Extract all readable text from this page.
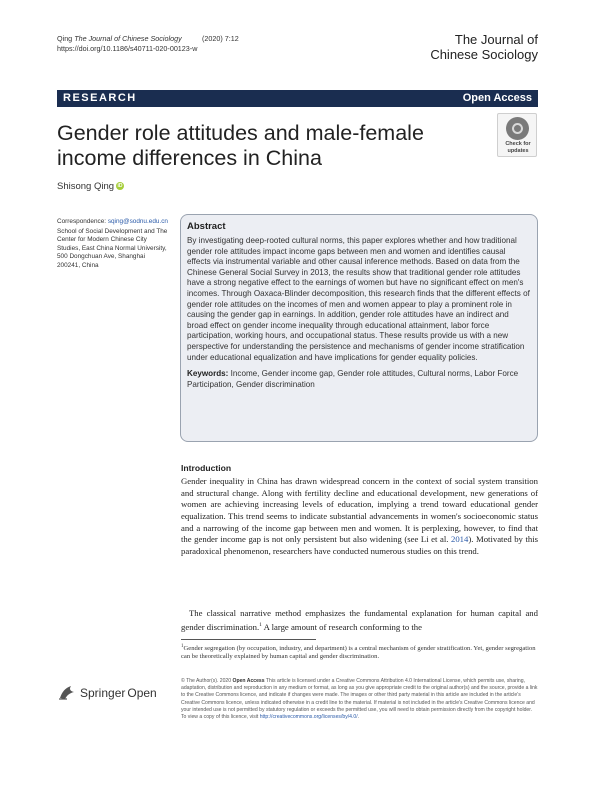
Qing The Journal of Chinese Sociology	(2020) 7:12
https://doi.org/10.1186/s40711-020-00123-w
The Journal of
Chinese Sociology
RESEARCH	Open Access
Gender role attitudes and male-female income differences in China
Check for
updates
Shisong Qing iD
Correspondence: sqing@sodnu.edu.cn
School of Social Development and The Center for Modern Chinese City Studies, East China Normal University, 500 Dongchuan Ave, Shanghai 200241, China
Abstract
By investigating deep-rooted cultural norms, this paper explores whether and how traditional gender role attitudes impact income gaps between men and women and identifies causal effects via instrumental variable and other causal inference methods. Based on data from the Chinese General Social Survey in 2013, the results show that traditional gender role attitudes have a strong negative effect to the earnings of women but have no significant effect on men's incomes. Through Oaxaca-Blinder decomposition, this research finds that the different effects of gender role attitudes on the incomes of men and women appear to play a prominent role in causing the gender gap in earnings. In addition, gender role attitudes have an indirect and broad effect on gender income inequality through educational attainment, labor force participation, working hours, and occupational status. These results provide us with a new perspective for understanding the persistence and mechanisms of gender income stratification under educational equalization and have implications for gender equality policies.
Keywords: Income, Gender income gap, Gender role attitudes, Cultural norms, Labor Force Participation, Gender discrimination
Introduction
Gender inequality in China has drawn widespread concern in the context of social system transition and structural change. Along with fertility decline and educational development, new generations of women are achieving increasing levels of education, implying a trend toward educational gender equalization. This trend seems to indicate substantial advancements in women's socioeconomic status and a narrowing of the income gap between men and women. It is perplexing, however, to find that the gender income gap is not only persistent but also widening (see Li et al. 2014). Motivated by this paradoxical phenomenon, researchers have conducted numerous studies on this trend.
The classical narrative method emphasizes the fundamental explanation for human capital and gender discrimination.$^1$ A large amount of research conforming to the
$^1$Gender segregation (by occupation, industry, and department) is a central mechanism of gender stratification. Yet, gender segregation can be theoretically explained by human capital and gender discrimination.
Springer Open
© The Author(s). 2020 Open Access This article is licensed under a Creative Commons Attribution 4.0 International License, which permits use, sharing, adaptation, distribution and reproduction in any medium or format, as long as you give appropriate credit to the original author(s) and the source, provide a link to the Creative Commons licence, and indicate if changes were made. The images or other third party material in this article are included in the article's Creative Commons licence, unless indicated otherwise in a credit line to the material. If material is not included in the article's Creative Commons licence and your intended use is not permitted by statutory regulation or exceeds the permitted use, you will need to obtain permission directly from the copyright holder. To view a copy of this licence, visit http://creativecommons.org/licenses/by/4.0/.
